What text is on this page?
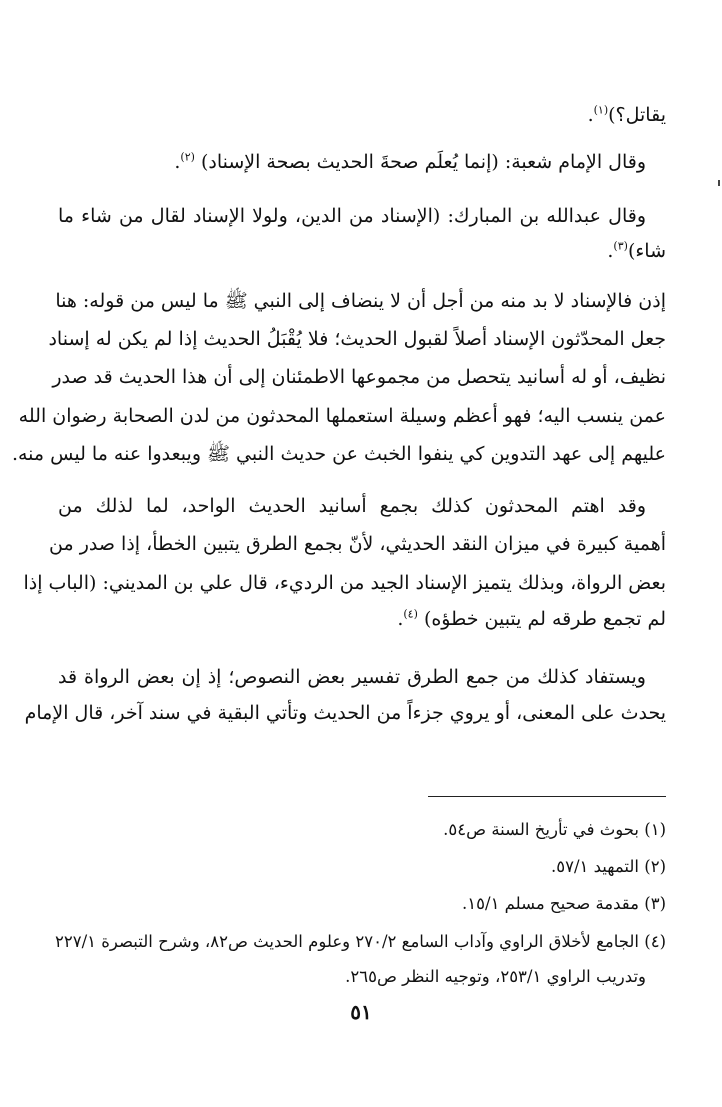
يقاتل؟)$^{(١)}$.
وقال الإمام شعبة: (إنما يُعلَم صحةَ الحديث بصحة الإسناد) $^{(٢)}$.
وقال عبدالله بن المبارك: (الإسناد من الدين، ولولا الإسناد لقال من شاء ما
شاء)$^{(٣)}$.
إذن فالإسناد لا بد منه من أجل أن لا ينضاف إلى النبي ﷺ ما ليس من قوله: هنا
جعل المحدّثون الإسناد أصلاً لقبول الحديث؛ فلا يُقْبَلُ الحديث إذا لم يكن له إسناد
نظيف، أو له أسانيد يتحصل من مجموعها الاطمئنان إلى أن هذا الحديث قد صدر
عمن ينسب اليه؛ فهو أعظم وسيلة استعملها المحدثون من لدن الصحابة رضوان الله
عليهم إلى عهد التدوين كي ينفوا الخبث عن حديث النبي ﷺ ويبعدوا عنه ما ليس منه.
وقد اهتم المحدثون كذلك بجمع أسانيد الحديث الواحد، لما لذلك من
أهمية كبيرة في ميزان النقد الحديثي، لأنّ بجمع الطرق يتبين الخطأ، إذا صدر من
بعض الرواة، وبذلك يتميز الإسناد الجيد من الرديء، قال علي بن المديني: (الباب إذا
لم تجمع طرقه لم يتبين خطؤه) $^{(٤)}$.
ويستفاد كذلك من جمع الطرق تفسير بعض النصوص؛ إذ إن بعض الرواة قد
يحدث على المعنى، أو يروي جزءاً من الحديث وتأتي البقية في سند آخر، قال الإمام
(١) بحوث في تأريخ السنة ص٥٤.
(٢) التمهيد ٥٧/١.
(٣) مقدمة صحيح مسلم ١٥/١.
(٤) الجامع لأخلاق الراوي وآداب السامع ٢٧٠/٢ وعلوم الحديث ص٨٢، وشرح التبصرة ٢٢٧/١
وتدريب الراوي ٢٥٣/١، وتوجيه النظر ص٢٦٥.
٥١
